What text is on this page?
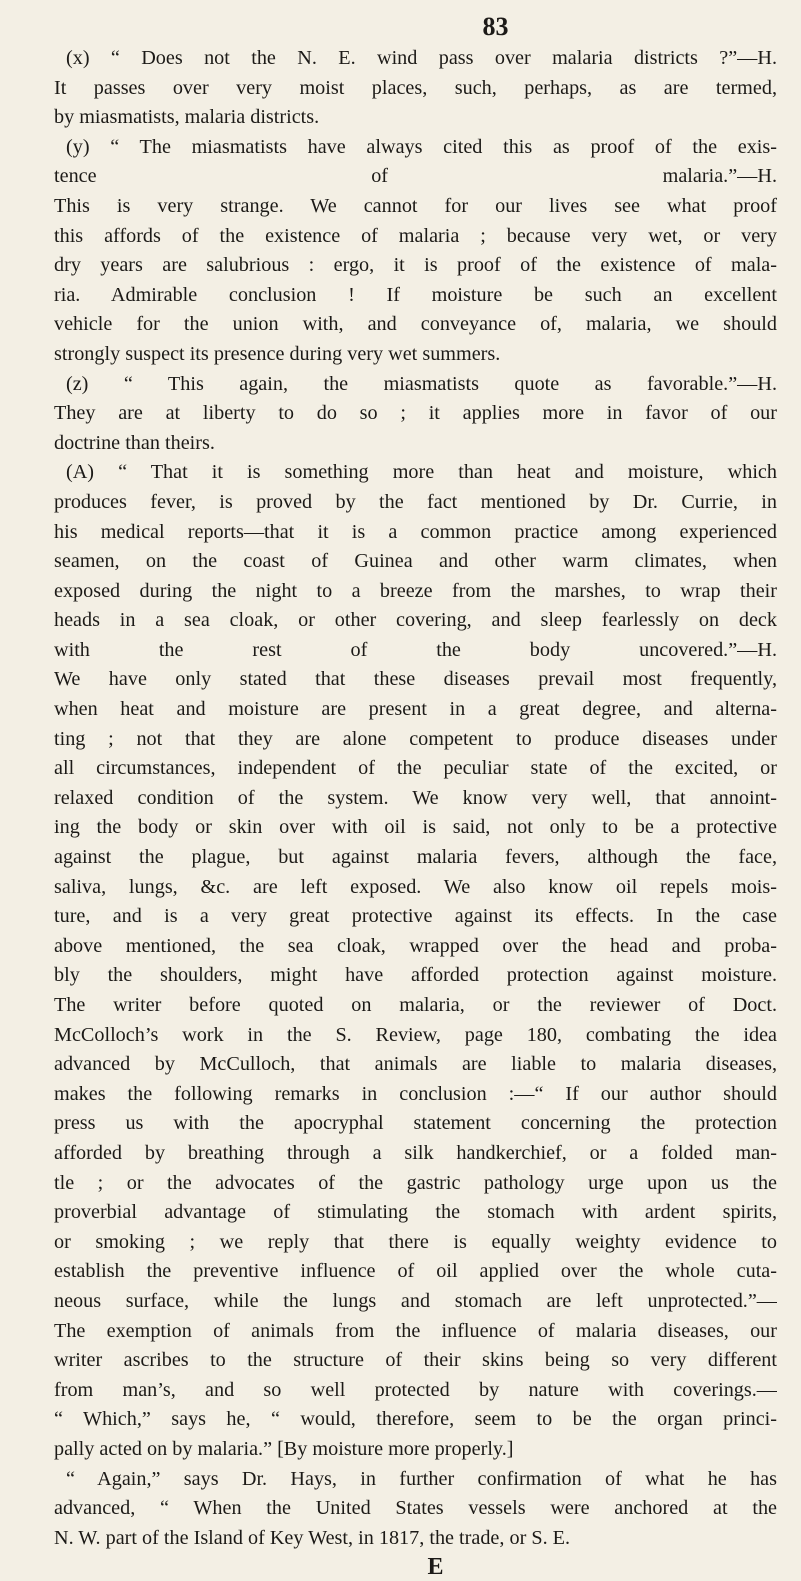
83

(x) “ Does not the N. E. wind pass over malaria districts ?”—H.
It passes over very moist places, such, perhaps, as are termed,
by miasmatists, malaria districts.

(y) “ The miasmatists have always cited this as proof of the exis-
tence of malaria.”—H.
This is very strange. We cannot for our lives see what proof
this affords of the existence of malaria ; because very wet, or very
dry years are salubrious : ergo, it is proof of the existence of mala-
ria. Admirable conclusion ! If moisture be such an excellent
vehicle for the union with, and conveyance of, malaria, we should
strongly suspect its presence during very wet summers.

(z) “ This again, the miasmatists quote as favorable.”—H.
They are at liberty to do so ; it applies more in favor of our
doctrine than theirs.

(A) “ That it is something more than heat and moisture, which
produces fever, is proved by the fact mentioned by Dr. Currie, in
his medical reports—that it is a common practice among experienced
seamen, on the coast of Guinea and other warm climates, when
exposed during the night to a breeze from the marshes, to wrap their
heads in a sea cloak, or other covering, and sleep fearlessly on deck
with the rest of the body uncovered.”—H.
We have only stated that these diseases prevail most frequently,
when heat and moisture are present in a great degree, and alterna-
ting ; not that they are alone competent to produce diseases under
all circumstances, independent of the peculiar state of the excited, or
relaxed condition of the system. We know very well, that annoint-
ing the body or skin over with oil is said, not only to be a protective
against the plague, but against malaria fevers, although the face,
saliva, lungs, &c. are left exposed. We also know oil repels mois-
ture, and is a very great protective against its effects. In the case
above mentioned, the sea cloak, wrapped over the head and proba-
bly the shoulders, might have afforded protection against moisture.
The writer before quoted on malaria, or the reviewer of Doct.
McColloch’s work in the S. Review, page 180, combating the idea
advanced by McCulloch, that animals are liable to malaria diseases,
makes the following remarks in conclusion :—“ If our author should
press us with the apocryphal statement concerning the protection
afforded by breathing through a silk handkerchief, or a folded man-
tle ; or the advocates of the gastric pathology urge upon us the
proverbial advantage of stimulating the stomach with ardent spirits,
or smoking ; we reply that there is equally weighty evidence to
establish the preventive influence of oil applied over the whole cuta-
neous surface, while the lungs and stomach are left unprotected.”—
The exemption of animals from the influence of malaria diseases, our
writer ascribes to the structure of their skins being so very different
from man’s, and so well protected by nature with coverings.—
“ Which,” says he, “ would, therefore, seem to be the organ princi-
pally acted on by malaria.” [By moisture more properly.]

“ Again,” says Dr. Hays, in further confirmation of what he has
advanced, “ When the United States vessels were anchored at the
N. W. part of the Island of Key West, in 1817, the trade, or S. E.

E
